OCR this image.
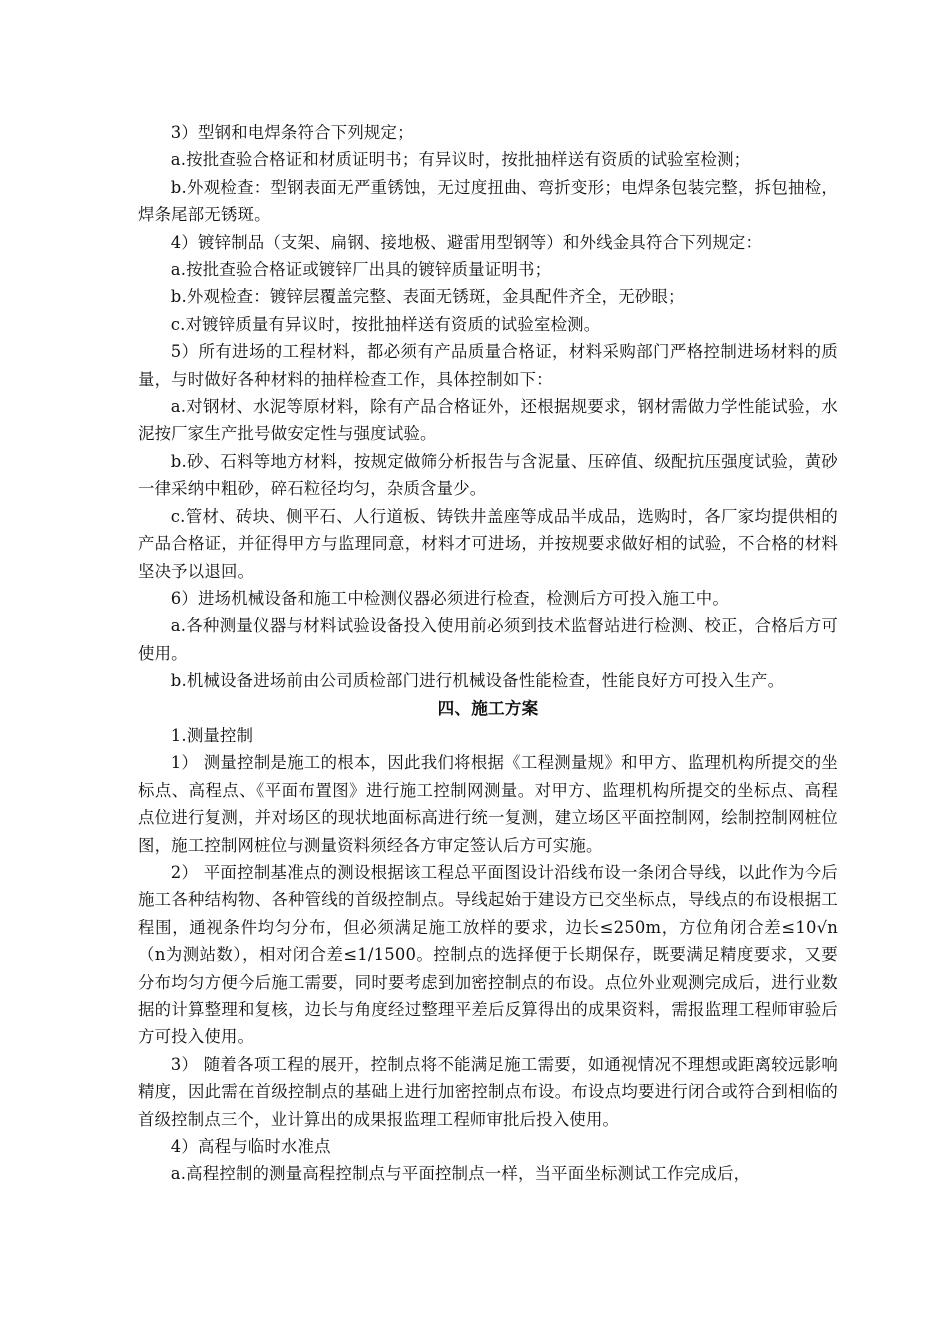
3）型钢和电焊条符合下列规定；

a.按批查验合格证和材质证明书；有异议时，按批抽样送有资质的试验室检测；

b.外观检查：型钢表面无严重锈蚀，无过度扭曲、弯折变形；电焊条包装完整，拆包抽检，焊条尾部无锈斑。

4）镀锌制品（支架、扁钢、接地极、避雷用型钢等）和外线金具符合下列规定：

a.按批查验合格证或镀锌厂出具的镀锌质量证明书；

b.外观检查：镀锌层覆盖完整、表面无锈斑，金具配件齐全，无砂眼；

c.对镀锌质量有异议时，按批抽样送有资质的试验室检测。

5）所有进场的工程材料，都必须有产品质量合格证，材料采购部门严格控制进场材料的质量，与时做好各种材料的抽样检查工作，具体控制如下：

a.对钢材、水泥等原材料，除有产品合格证外，还根据规要求，钢材需做力学性能试验，水泥按厂家生产批号做安定性与强度试验。

b.砂、石料等地方材料，按规定做筛分析报告与含泥量、压碎值、级配抗压强度试验，黄砂一律采纳中粗砂，碎石粒径均匀，杂质含量少。

c.管材、砖块、侧平石、人行道板、铸铁井盖座等成品半成品，选购时，各厂家均提供相的产品合格证，并征得甲方与监理同意，材料才可进场，并按规要求做好相的试验，不合格的材料坚决予以退回。

6）进场机械设备和施工中检测仪器必须进行检查，检测后方可投入施工中。

a.各种测量仪器与材料试验设备投入使用前必须到技术监督站进行检测、校正，合格后方可使用。

b.机械设备进场前由公司质检部门进行机械设备性能检查，性能良好方可投入生产。

四、施工方案

1.测量控制

1） 测量控制是施工的根本，因此我们将根据《工程测量规》和甲方、监理机构所提交的坐标点、高程点、《平面布置图》进行施工控制网测量。对甲方、监理机构所提交的坐标点、高程点位进行复测，并对场区的现状地面标高进行统一复测，建立场区平面控制网，绘制控制网桩位图，施工控制网桩位与测量资料须经各方审定签认后方可实施。

2） 平面控制基准点的测设根据该工程总平面图设计沿线布设一条闭合导线，以此作为今后施工各种结构物、各种管线的首级控制点。导线起始于建设方已交坐标点，导线点的布设根据工程围，通视条件均匀分布，但必须满足施工放样的要求，边长≤250m，方位角闭合差≤10√n（n为测站数），相对闭合差≤1/1500。控制点的选择便于长期保存，既要满足精度要求，又要分布均匀方便今后施工需要，同时要考虑到加密控制点的布设。点位外业观测完成后，进行业数据的计算整理和复核，边长与角度经过整理平差后反算得出的成果资料，需报监理工程师审验后方可投入使用。

3） 随着各项工程的展开，控制点将不能满足施工需要，如通视情况不理想或距离较远影响精度，因此需在首级控制点的基础上进行加密控制点布设。布设点均要进行闭合或符合到相临的首级控制点三个，业计算出的成果报监理工程师审批后投入使用。

4）高程与临时水准点

a.高程控制的测量高程控制点与平面控制点一样，当平面坐标测试工作完成后，
